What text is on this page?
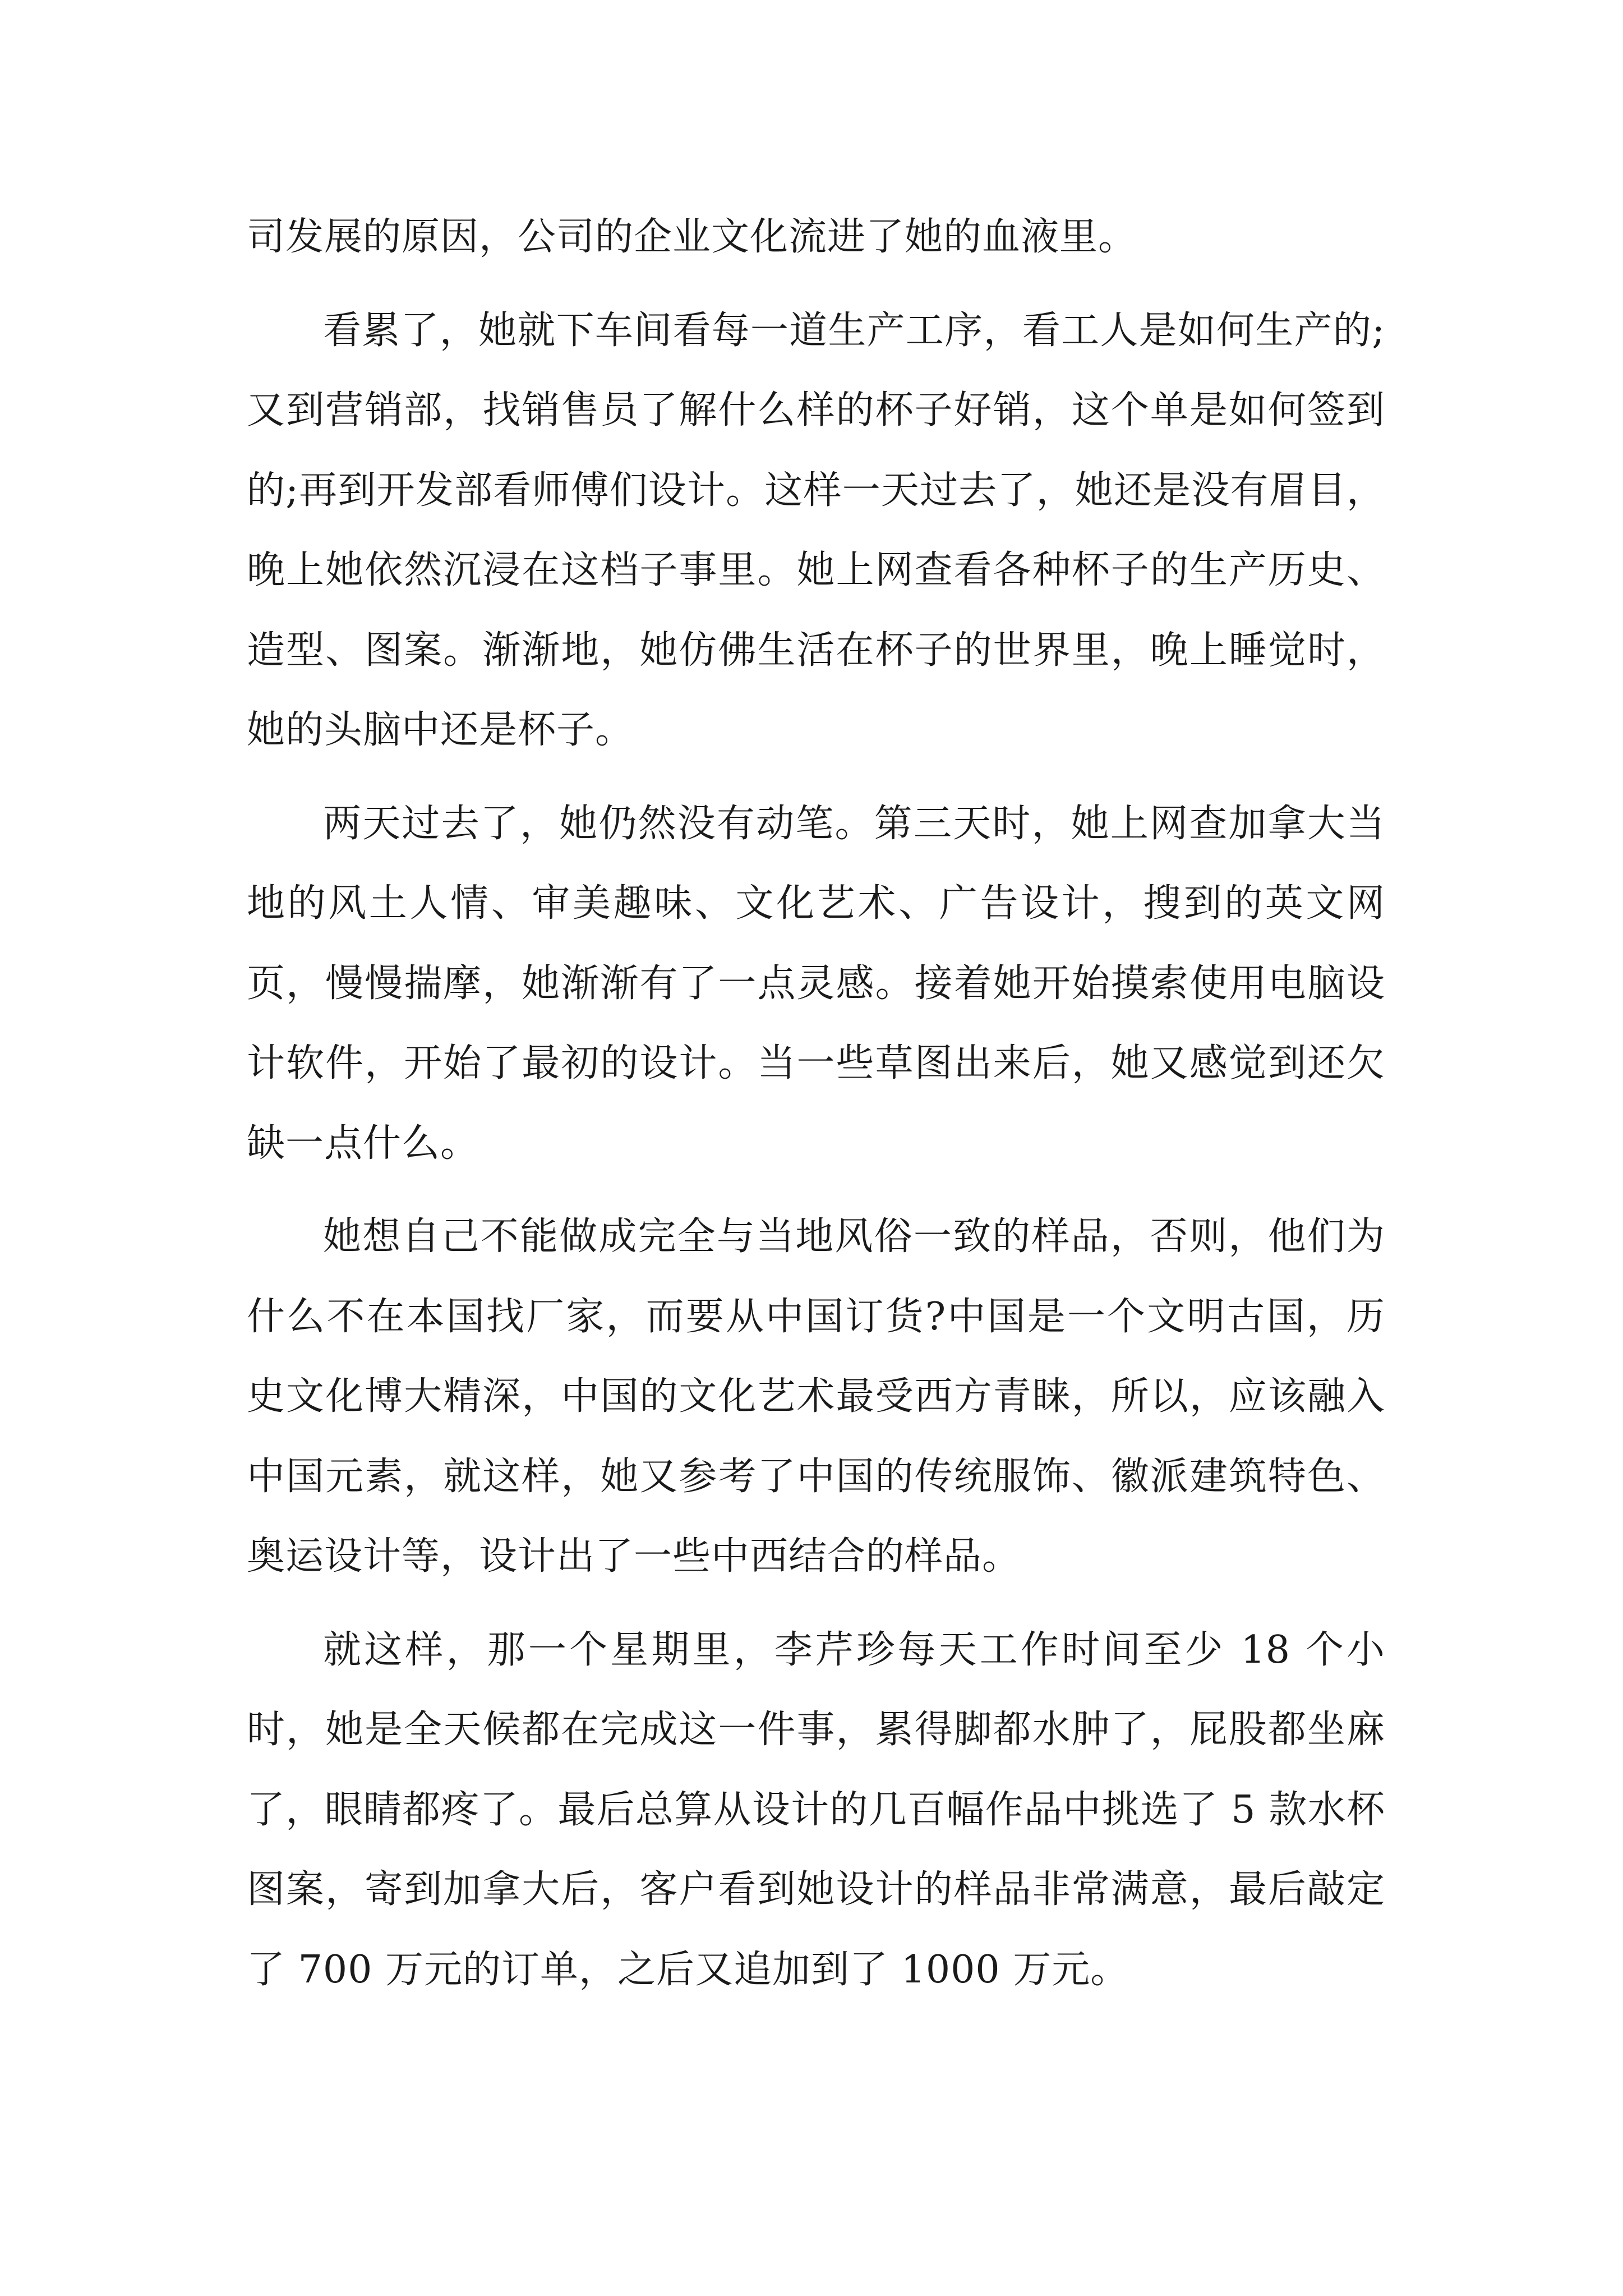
司发展的原因，公司的企业文化流进了她的血液里。

看累了，她就下车间看每一道生产工序，看工人是如何生产的;又到营销部，找销售员了解什么样的杯子好销，这个单是如何签到的;再到开发部看师傅们设计。这样一天过去了，她还是没有眉目，晚上她依然沉浸在这档子事里。她上网查看各种杯子的生产历史、造型、图案。渐渐地，她仿佛生活在杯子的世界里，晚上睡觉时，她的头脑中还是杯子。

两天过去了，她仍然没有动笔。第三天时，她上网查加拿大当地的风土人情、审美趣味、文化艺术、广告设计，搜到的英文网页，慢慢揣摩，她渐渐有了一点灵感。接着她开始摸索使用电脑设计软件，开始了最初的设计。当一些草图出来后，她又感觉到还欠缺一点什么。

她想自己不能做成完全与当地风俗一致的样品，否则，他们为什么不在本国找厂家，而要从中国订货?中国是一个文明古国，历史文化博大精深，中国的文化艺术最受西方青睐，所以，应该融入中国元素，就这样，她又参考了中国的传统服饰、徽派建筑特色、奥运设计等，设计出了一些中西结合的样品。

就这样，那一个星期里，李芹珍每天工作时间至少 18 个小时，她是全天候都在完成这一件事，累得脚都水肿了，屁股都坐麻了，眼睛都疼了。最后总算从设计的几百幅作品中挑选了 5 款水杯图案，寄到加拿大后，客户看到她设计的样品非常满意，最后敲定了 700 万元的订单，之后又追加到了 1000 万元。
